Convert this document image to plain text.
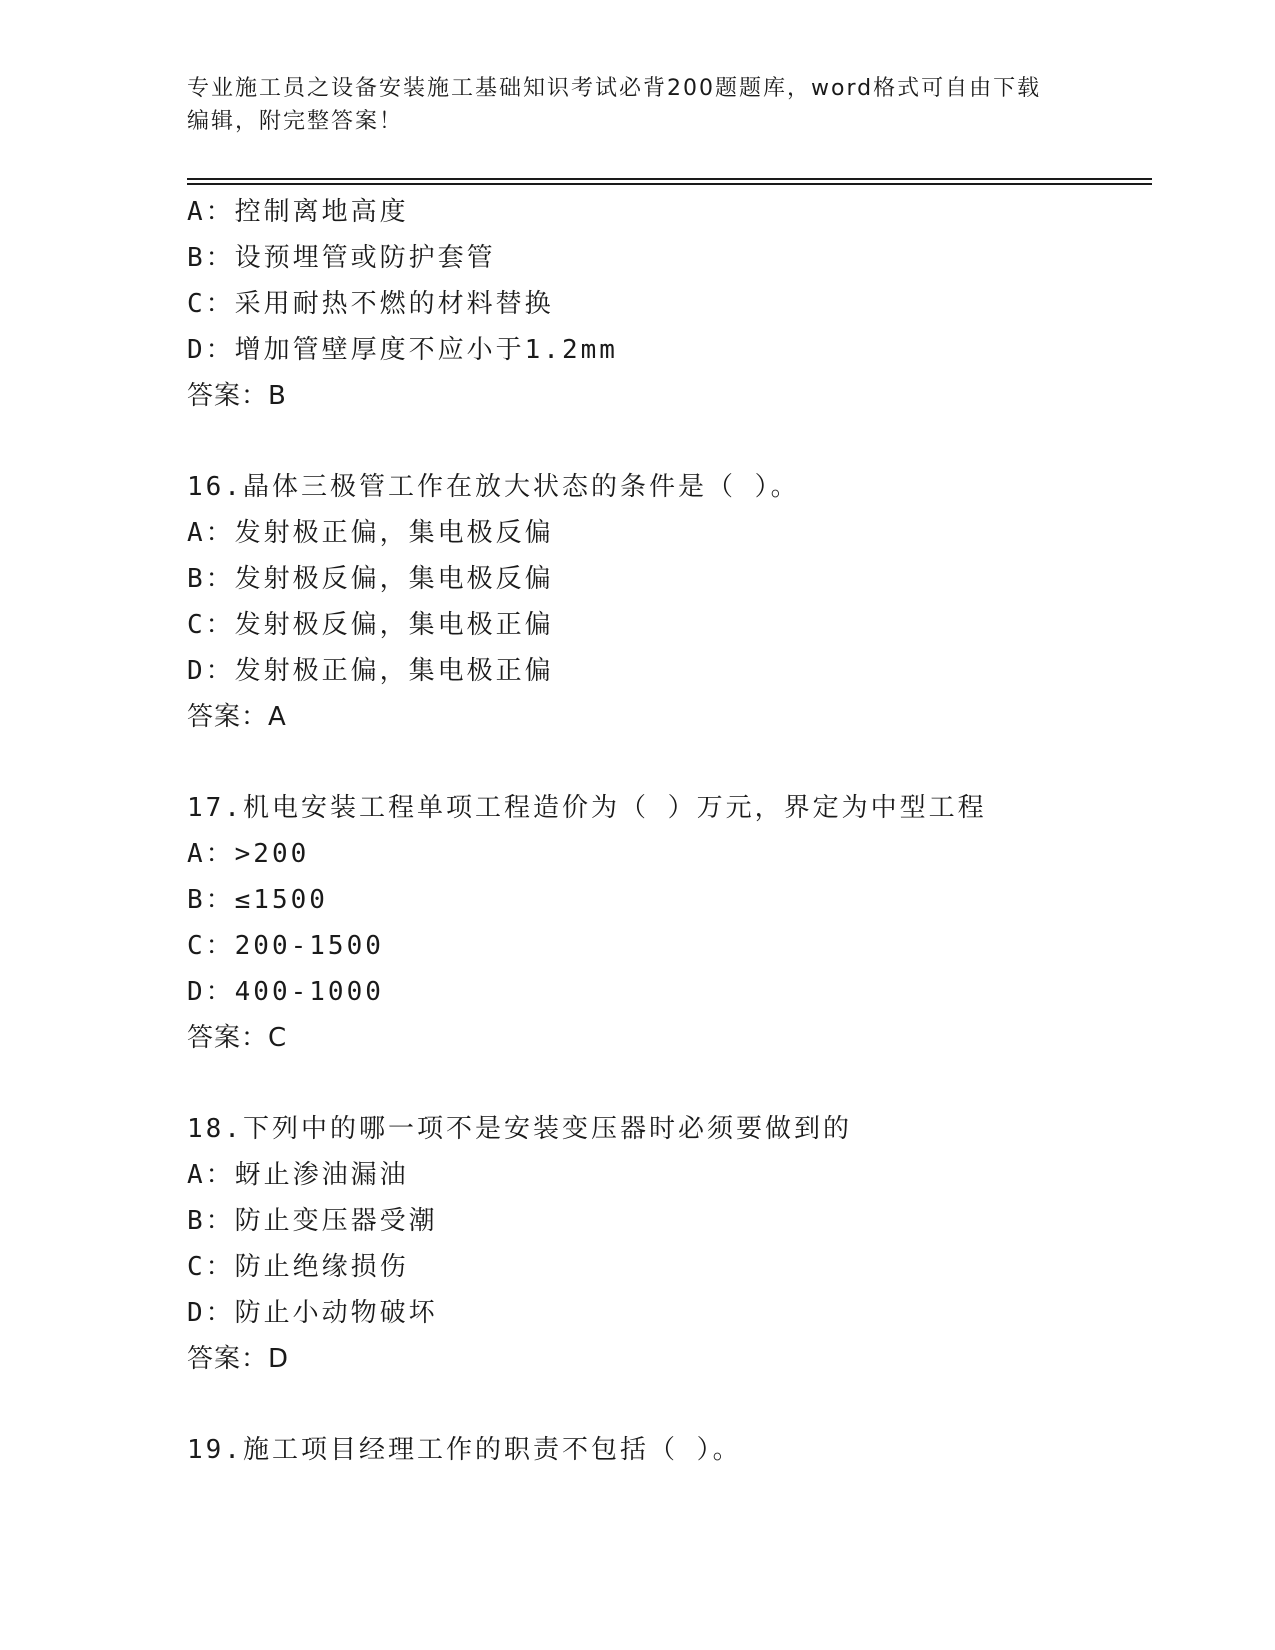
专业施工员之设备安装施工基础知识考试必背200题题库，word格式可自由下载
编辑，附完整答案！
A：控制离地高度
B：设预埋管或防护套管
C：采用耐热不燃的材料替换
D：增加管壁厚度不应小于1.2mm
答案：B
16.晶体三极管工作在放大状态的条件是（ ）。
A：发射极正偏，集电极反偏
B：发射极反偏，集电极反偏
C：发射极反偏，集电极正偏
D：发射极正偏，集电极正偏
答案：A
17.机电安装工程单项工程造价为（ ）万元，界定为中型工程
A：>200
B：≤1500
C：200-1500
D：400-1000
答案：C
18.下列中的哪一项不是安装变压器时必须要做到的
A：蚜止渗油漏油
B：防止变压器受潮
C：防止绝缘损伤
D：防止小动物破坏
答案：D
19.施工项目经理工作的职责不包括（ ）。
